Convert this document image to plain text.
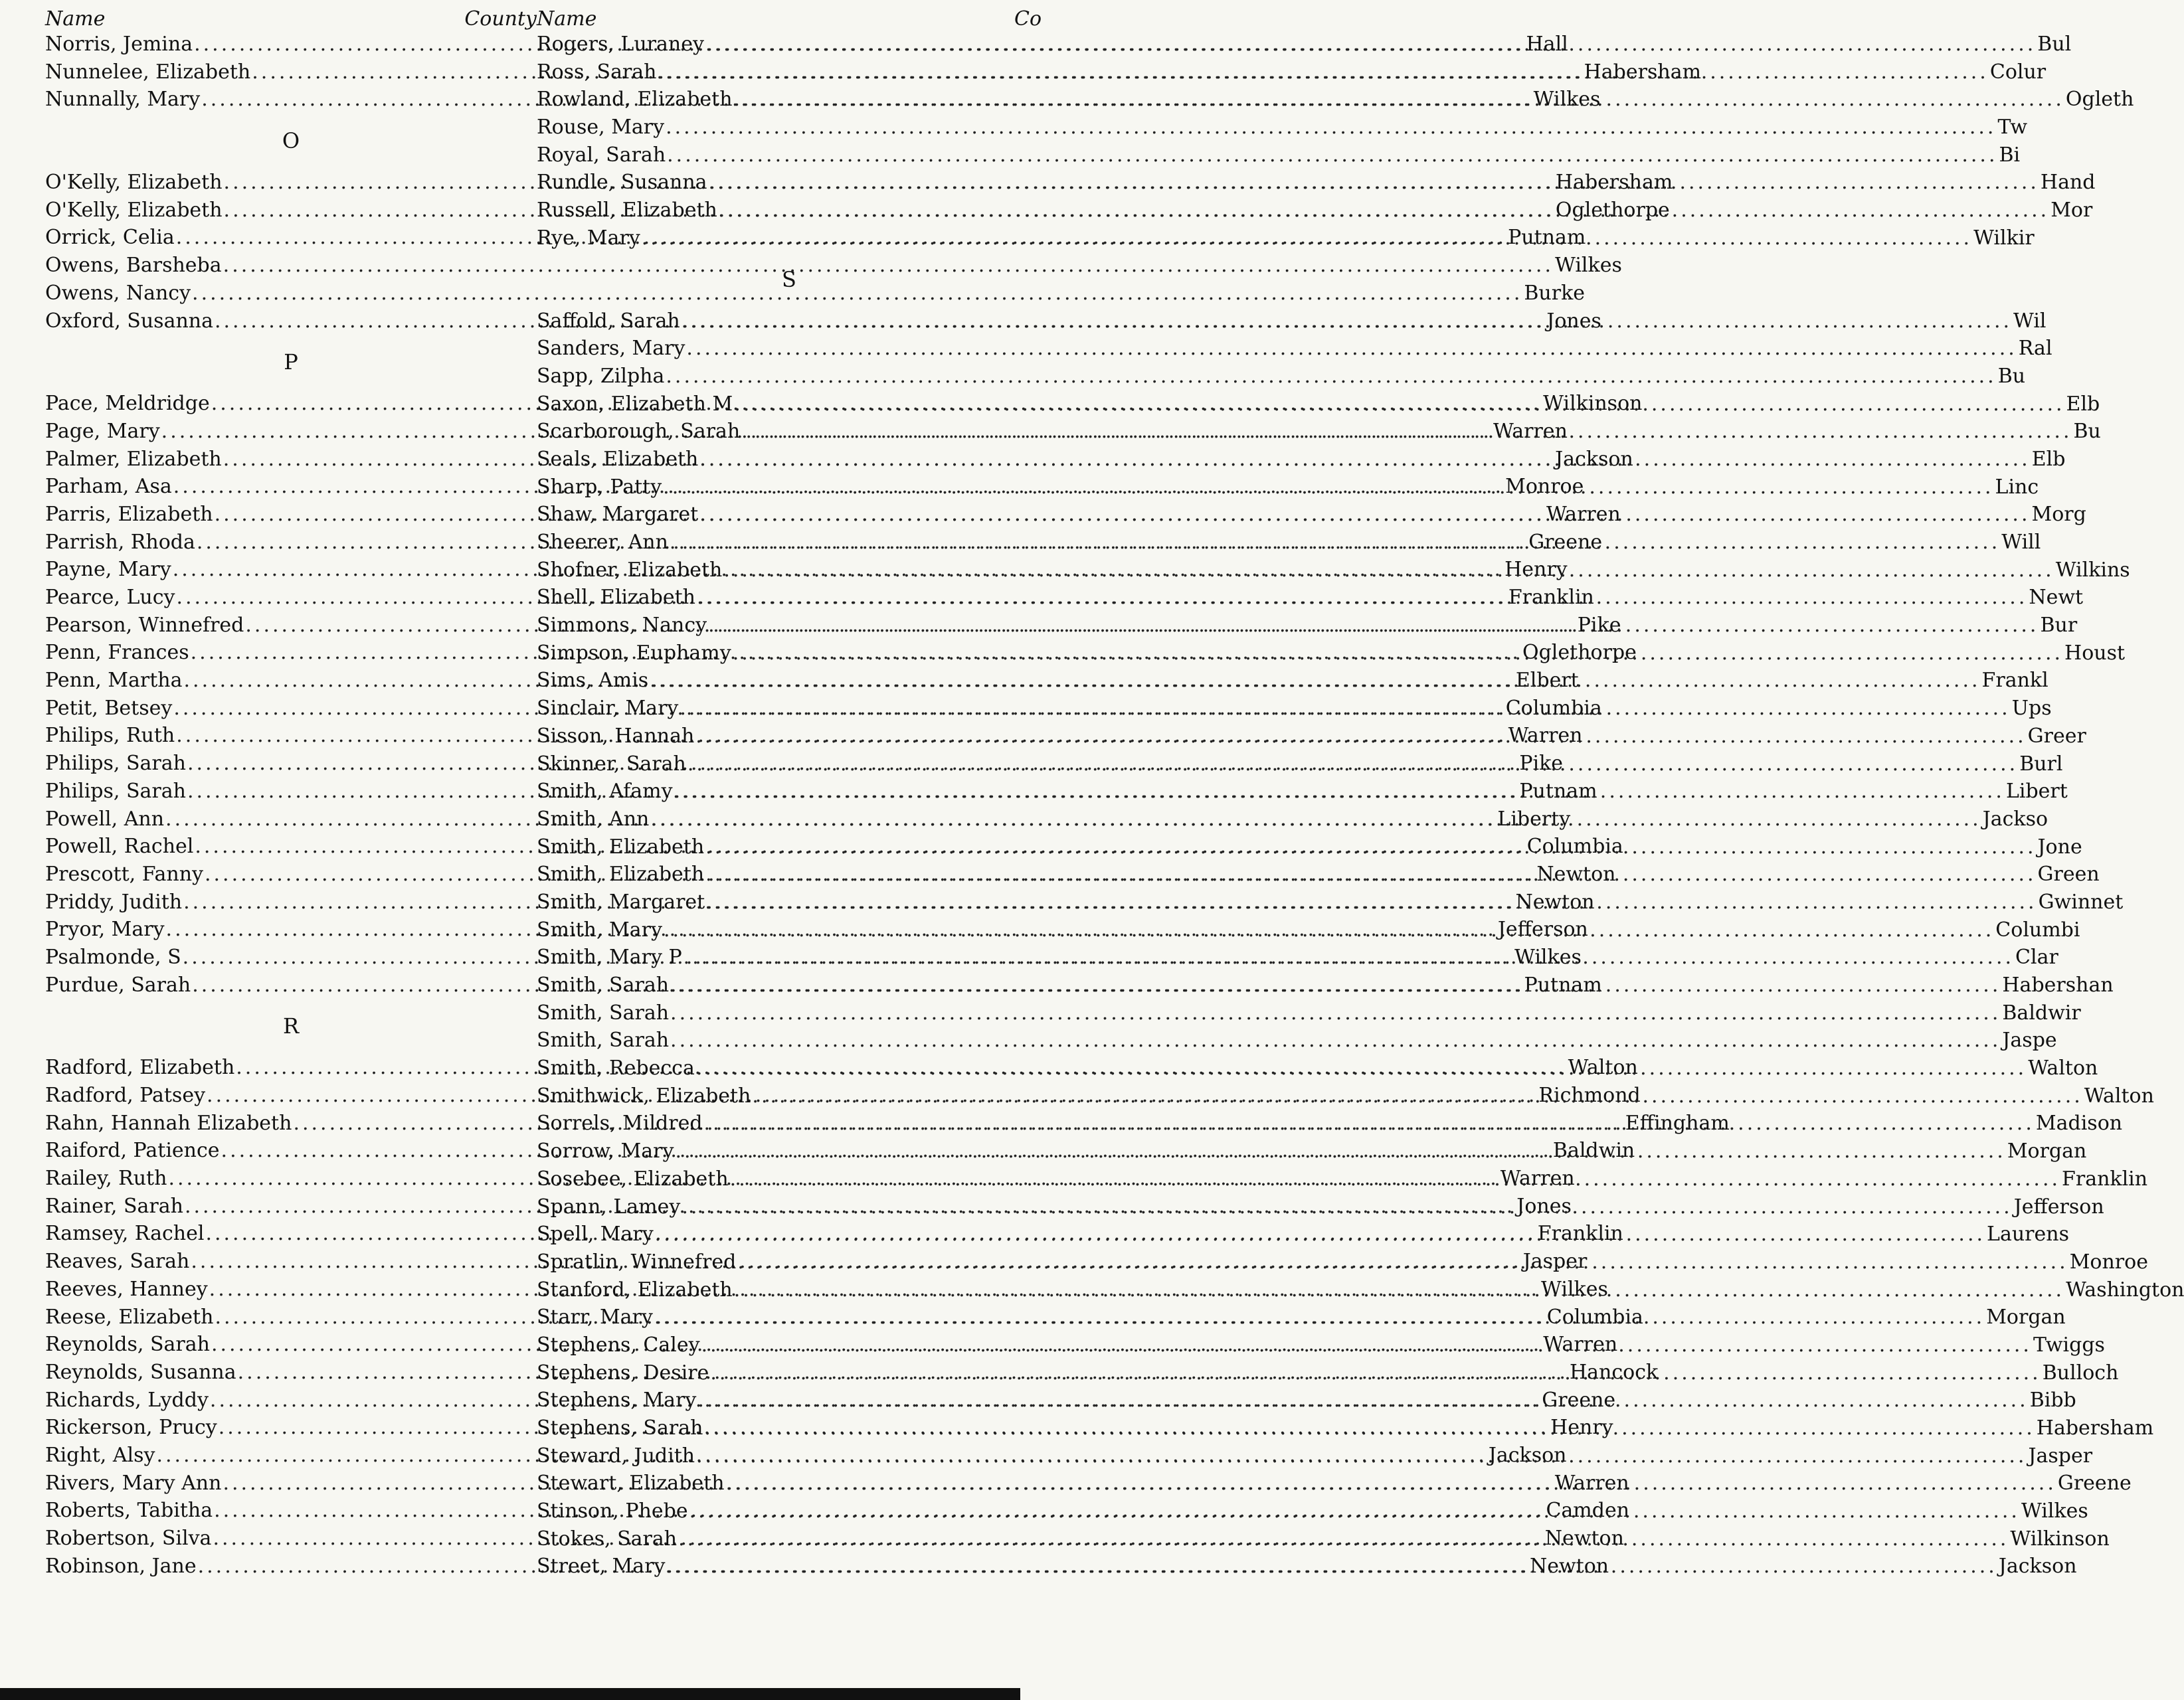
Name	County
Norris, Jemina .....	Hall
Nunnelee, Elizabeth .....	Habersham
Nunnally, Mary .....	Wilkes
O
O'Kelly, Elizabeth .....	Habersham
O'Kelly, Elizabeth .....	Oglethorpe
Orrick, Celia .....	Putnam
Owens, Barsheba .....	Wilkes
Owens, Nancy .....	Burke
Oxford, Susanna .....	Jones
P
Pace, Meldridge .....	Wilkinson
Page, Mary .....	Warren
Palmer, Elizabeth .....	Jackson
Parham, Asa .....	Monroe
Parris, Elizabeth .....	Warren
Parrish, Rhoda .....	Greene
Payne, Mary .....	Henry
Pearce, Lucy .....	Franklin
Pearson, Winnefred .....	Pike
Penn, Frances .....	Oglethorpe
Penn, Martha .....	Elbert
Petit, Betsey .....	Columbia
Philips, Ruth .....	Warren
Philips, Sarah .....	Pike
Philips, Sarah .....	Putnam
Powell, Ann .....	Liberty
Powell, Rachel .....	Columbia
Prescott, Fanny .....	Newton
Priddy, Judith .....	Newton
Pryor, Mary .....	Jefferson
Psalmonde, S .....	Wilkes
Purdue, Sarah .....	Putnam
R
Radford, Elizabeth .....	Walton
Radford, Patsey .....	Richmond
Rahn, Hannah Elizabeth .....	Effingham
Raiford, Patience .....	Baldwin
Railey, Ruth .....	Warren
Rainer, Sarah .....	Jones
Ramsey, Rachel .....	Franklin
Reaves, Sarah .....	Jasper
Reeves, Hanney .....	Wilkes
Reese, Elizabeth .....	Columbia
Reynolds, Sarah .....	Warren
Reynolds, Susanna .....	Hancock
Richards, Lyddy .....	Greene
Rickerson, Prucy .....	Henry
Right, Alsy .....	Jackson
Rivers, Mary Ann .....	Warren
Roberts, Tabitha .....	Camden
Robertson, Silva .....	Newton
Robinson, Jane .....	Newton
Name	Co
Rogers, Luraney .....	Bul
Ross, Sarah .....	Colur
Rowland, Elizabeth .....	Ogleth
Rouse, Mary .....	Tw
Royal, Sarah .....	Bi
Rundle, Susanna .....	Hand
Russell, Elizabeth .....	Mor
Rye, Mary .....	Wilkir
S
Saffold, Sarah .....	Wil
Sanders, Mary .....	Ral
Sapp, Zilpha .....	Bu
Saxon, Elizabeth M .....	Elb
Scarborough, Sarah .....	Bu
Seals, Elizabeth .....	Elb
Sharp, Patty .....	Linc
Shaw, Margaret .....	Morg
Sheerer, Ann .....	Will
Shofner, Elizabeth .....	Wilkins
Shell, Elizabeth .....	Newt
Simmons, Nancy .....	Bur
Simpson, Euphamy .....	Houst
Sims, Amis .....	Frankl
Sinclair, Mary .....	Ups
Sisson, Hannah .....	Greer
Skinner, Sarah .....	Burl
Smith, Afamy .....	Libert
Smith, Ann .....	Jackso
Smith, Elizabeth .....	Jone
Smith, Elizabeth .....	Green
Smith, Margaret .....	Gwinnet
Smith, Mary .....	Columbi
Smith, Mary P .....	Clar
Smith, Sarah .....	Habershan
Smith, Sarah .....	Baldwir
Smith, Sarah .....	Jaspe
Smith, Rebecca .....	Walton
Smithwick, Elizabeth .....	Walton
Sorrels, Mildred .....	Madison
Sorrow, Mary .....	Morgan
Sosebee, Elizabeth .....	Franklin
Spann, Lamey .....	Jefferson
Spell, Mary .....	Laurens
Spratlin, Winnefred .....	Monroe
Stanford, Elizabeth .....	Washington
Starr, Mary .....	Morgan
Stephens, Caley .....	Twiggs
Stephens, Desire .....	Bulloch
Stephens, Mary .....	Bibb
Stephens, Sarah .....	Habersham
Steward, Judith .....	Jasper
Stewart, Elizabeth .....	Greene
Stinson, Phebe .....	Wilkes
Stokes, Sarah .....	Wilkinson
Street, Mary .....	Jackson
